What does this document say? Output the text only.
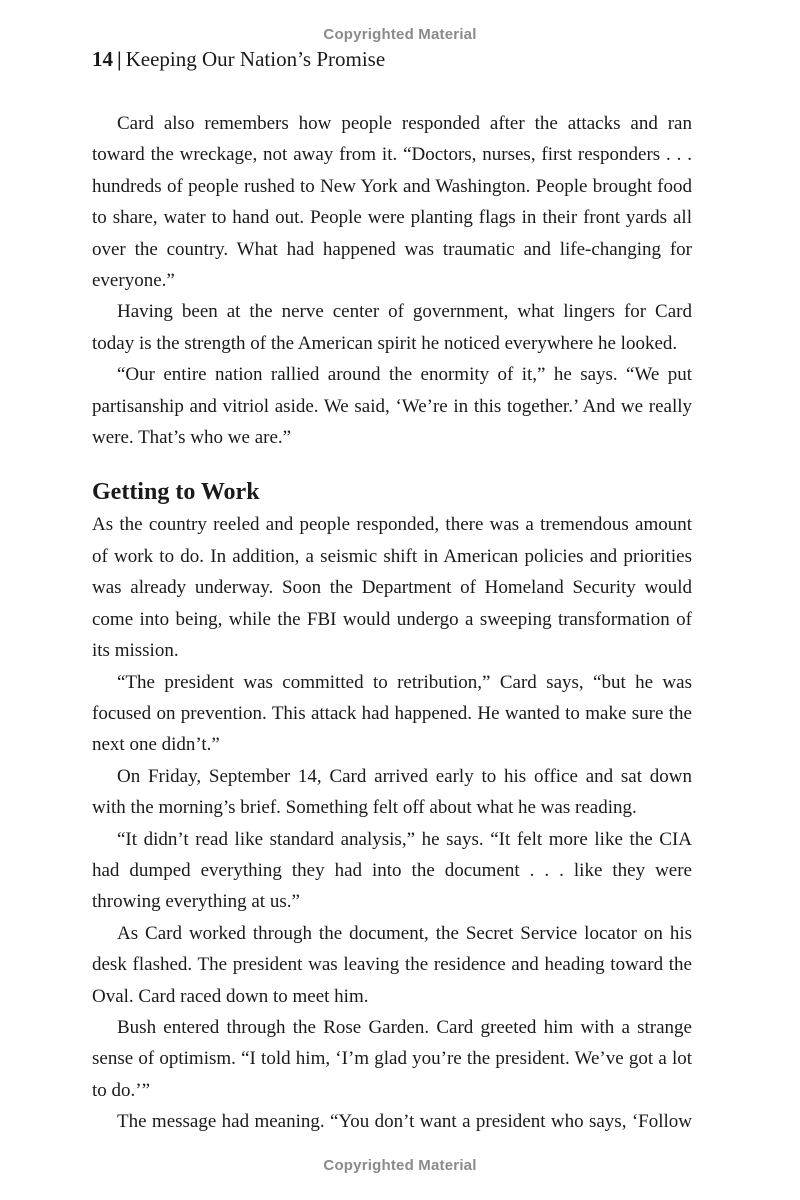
Copyrighted Material
14 | Keeping Our Nation’s Promise

Card also remembers how people responded after the attacks and ran toward the wreckage, not away from it. “Doctors, nurses, first responders . . . hundreds of people rushed to New York and Washington. People brought food to share, water to hand out. People were planting flags in their front yards all over the country. What had happened was traumatic and life-changing for everyone.”

Having been at the nerve center of government, what lingers for Card today is the strength of the American spirit he noticed everywhere he looked.

“Our entire nation rallied around the enormity of it,” he says. “We put partisanship and vitriol aside. We said, ‘We’re in this together.’ And we really were. That’s who we are.”

Getting to Work

As the country reeled and people responded, there was a tremendous amount of work to do. In addition, a seismic shift in American policies and priorities was already underway. Soon the Department of Homeland Security would come into being, while the FBI would undergo a sweeping transformation of its mission.

“The president was committed to retribution,” Card says, “but he was focused on prevention. This attack had happened. He wanted to make sure the next one didn’t.”

On Friday, September 14, Card arrived early to his office and sat down with the morning’s brief. Something felt off about what he was reading.

“It didn’t read like standard analysis,” he says. “It felt more like the CIA had dumped everything they had into the document . . . like they were throwing everything at us.”

As Card worked through the document, the Secret Service locator on his desk flashed. The president was leaving the residence and heading toward the Oval. Card raced down to meet him.

Bush entered through the Rose Garden. Card greeted him with a strange sense of optimism. “I told him, ‘I’m glad you’re the president. We’ve got a lot to do.’”

The message had meaning. “You don’t want a president who says, ‘Follow

Copyrighted Material
